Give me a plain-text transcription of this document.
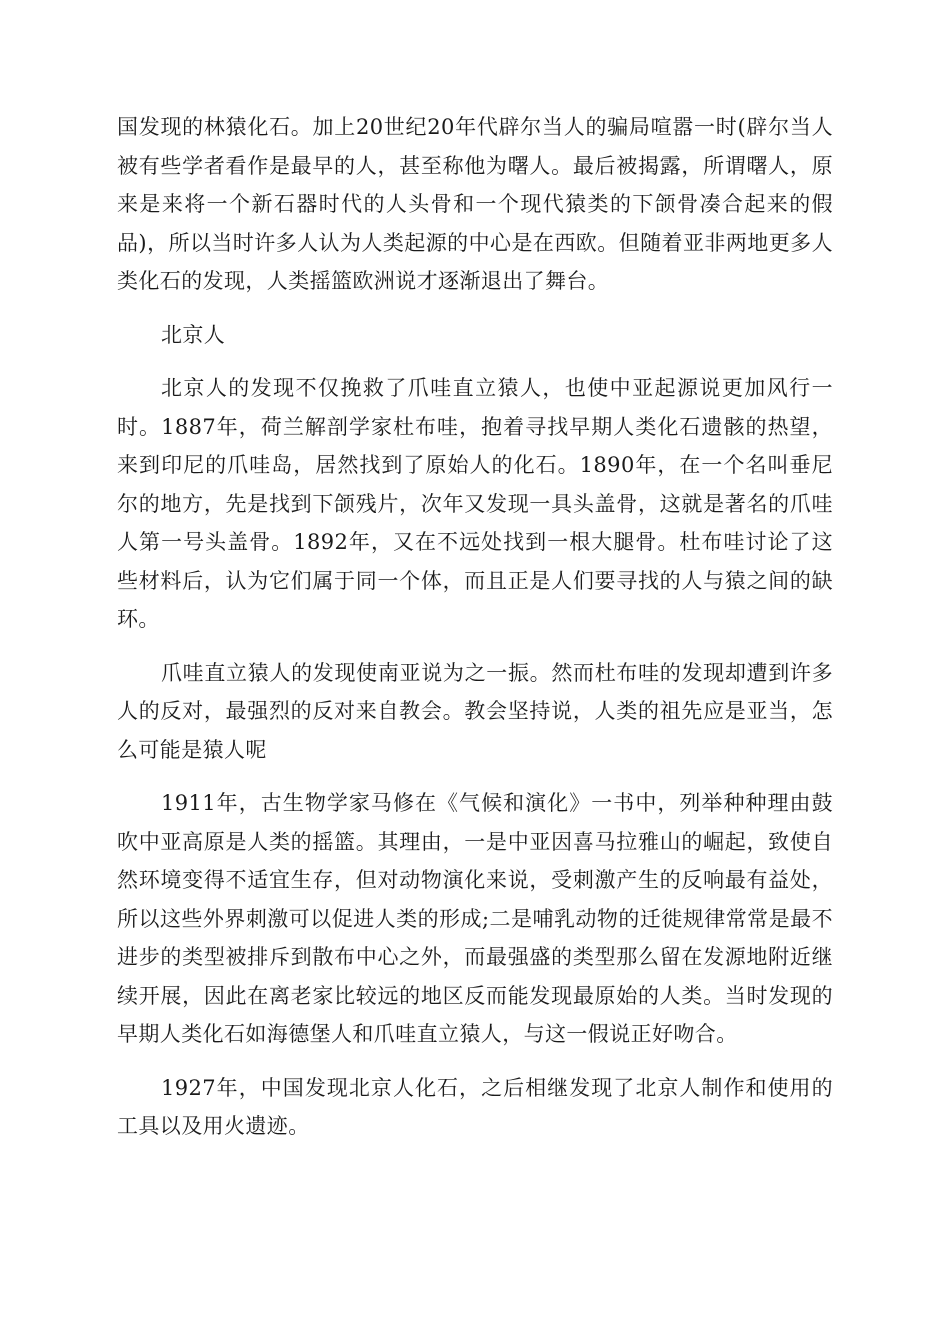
国发现的林猿化石。加上20世纪20年代辟尔当人的骗局喧嚣一时(辟尔当人被有些学者看作是最早的人，甚至称他为曙人。最后被揭露，所谓曙人，原来是来将一个新石器时代的人头骨和一个现代猿类的下颌骨凑合起来的假品)，所以当时许多人认为人类起源的中心是在西欧。但随着亚非两地更多人类化石的发现，人类摇篮欧洲说才逐渐退出了舞台。

北京人

北京人的发现不仅挽救了爪哇直立猿人，也使中亚起源说更加风行一时。1887年，荷兰解剖学家杜布哇，抱着寻找早期人类化石遗骸的热望，来到印尼的爪哇岛，居然找到了原始人的化石。1890年，在一个名叫垂尼尔的地方，先是找到下颌残片，次年又发现一具头盖骨，这就是著名的爪哇人第一号头盖骨。1892年，又在不远处找到一根大腿骨。杜布哇讨论了这些材料后，认为它们属于同一个体，而且正是人们要寻找的人与猿之间的缺环。

爪哇直立猿人的发现使南亚说为之一振。然而杜布哇的发现却遭到许多人的反对，最强烈的反对来自教会。教会坚持说，人类的祖先应是亚当，怎么可能是猿人呢

1911年，古生物学家马修在《气候和演化》一书中，列举种种理由鼓吹中亚高原是人类的摇篮。其理由，一是中亚因喜马拉雅山的崛起，致使自然环境变得不适宜生存，但对动物演化来说，受刺激产生的反响最有益处，所以这些外界刺激可以促进人类的形成;二是哺乳动物的迁徙规律常常是最不进步的类型被排斥到散布中心之外，而最强盛的类型那么留在发源地附近继续开展，因此在离老家比较远的地区反而能发现最原始的人类。当时发现的早期人类化石如海德堡人和爪哇直立猿人，与这一假说正好吻合。

1927年，中国发现北京人化石，之后相继发现了北京人制作和使用的工具以及用火遗迹。
